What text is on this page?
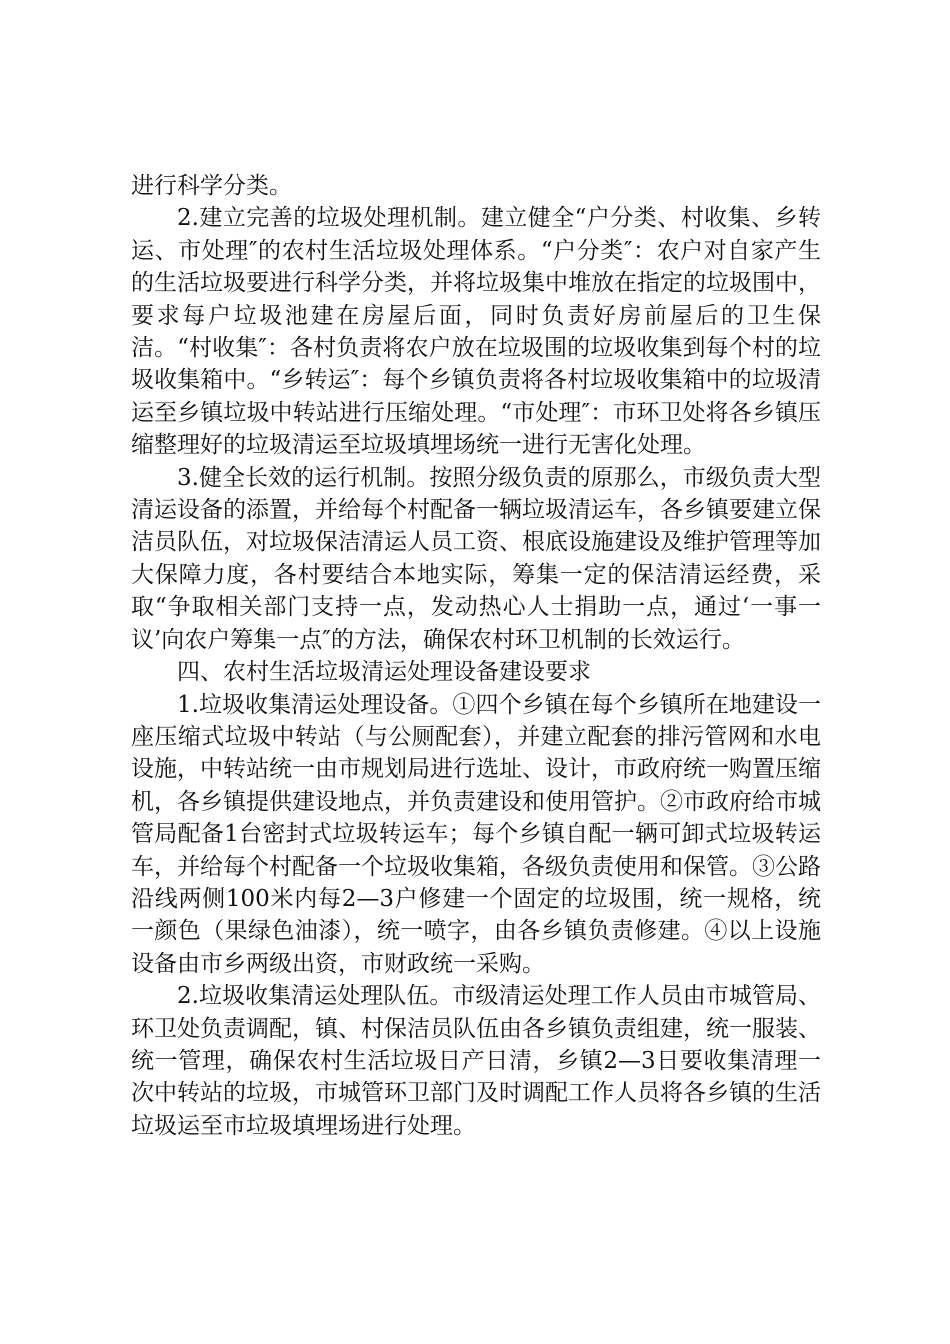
进行科学分类。

2.建立完善的垃圾处理机制。建立健全“户分类、村收集、乡转运、市处理″的农村生活垃圾处理体系。“户分类″：农户对自家产生的生活垃圾要进行科学分类，并将垃圾集中堆放在指定的垃圾围中，要求每户垃圾池建在房屋后面，同时负责好房前屋后的卫生保洁。“村收集″：各村负责将农户放在垃圾围的垃圾收集到每个村的垃圾收集箱中。“乡转运″：每个乡镇负责将各村垃圾收集箱中的垃圾清运至乡镇垃圾中转站进行压缩处理。“市处理″：市环卫处将各乡镇压缩整理好的垃圾清运至垃圾填埋场统一进行无害化处理。

3.健全长效的运行机制。按照分级负责的原那么，市级负责大型清运设备的添置，并给每个村配备一辆垃圾清运车，各乡镇要建立保洁员队伍，对垃圾保洁清运人员工资、根底设施建设及维护管理等加大保障力度，各村要结合本地实际，筹集一定的保洁清运经费，采取“争取相关部门支持一点，发动热心人士捐助一点，通过‘一事一议’向农户筹集一点″的方法，确保农村环卫机制的长效运行。

四、农村生活垃圾清运处理设备建设要求

1.垃圾收集清运处理设备。①四个乡镇在每个乡镇所在地建设一座压缩式垃圾中转站（与公厕配套），并建立配套的排污管网和水电设施，中转站统一由市规划局进行选址、设计，市政府统一购置压缩机，各乡镇提供建设地点，并负责建设和使用管护。②市政府给市城管局配备1台密封式垃圾转运车；每个乡镇自配一辆可卸式垃圾转运车，并给每个村配备一个垃圾收集箱，各级负责使用和保管。③公路沿线两侧100米内每2—3户修建一个固定的垃圾围，统一规格，统一颜色（果绿色油漆），统一喷字，由各乡镇负责修建。④以上设施设备由市乡两级出资，市财政统一采购。

2.垃圾收集清运处理队伍。市级清运处理工作人员由市城管局、环卫处负责调配，镇、村保洁员队伍由各乡镇负责组建，统一服装、统一管理，确保农村生活垃圾日产日清，乡镇2—3日要收集清理一次中转站的垃圾，市城管环卫部门及时调配工作人员将各乡镇的生活垃圾运至市垃圾填埋场进行处理。
